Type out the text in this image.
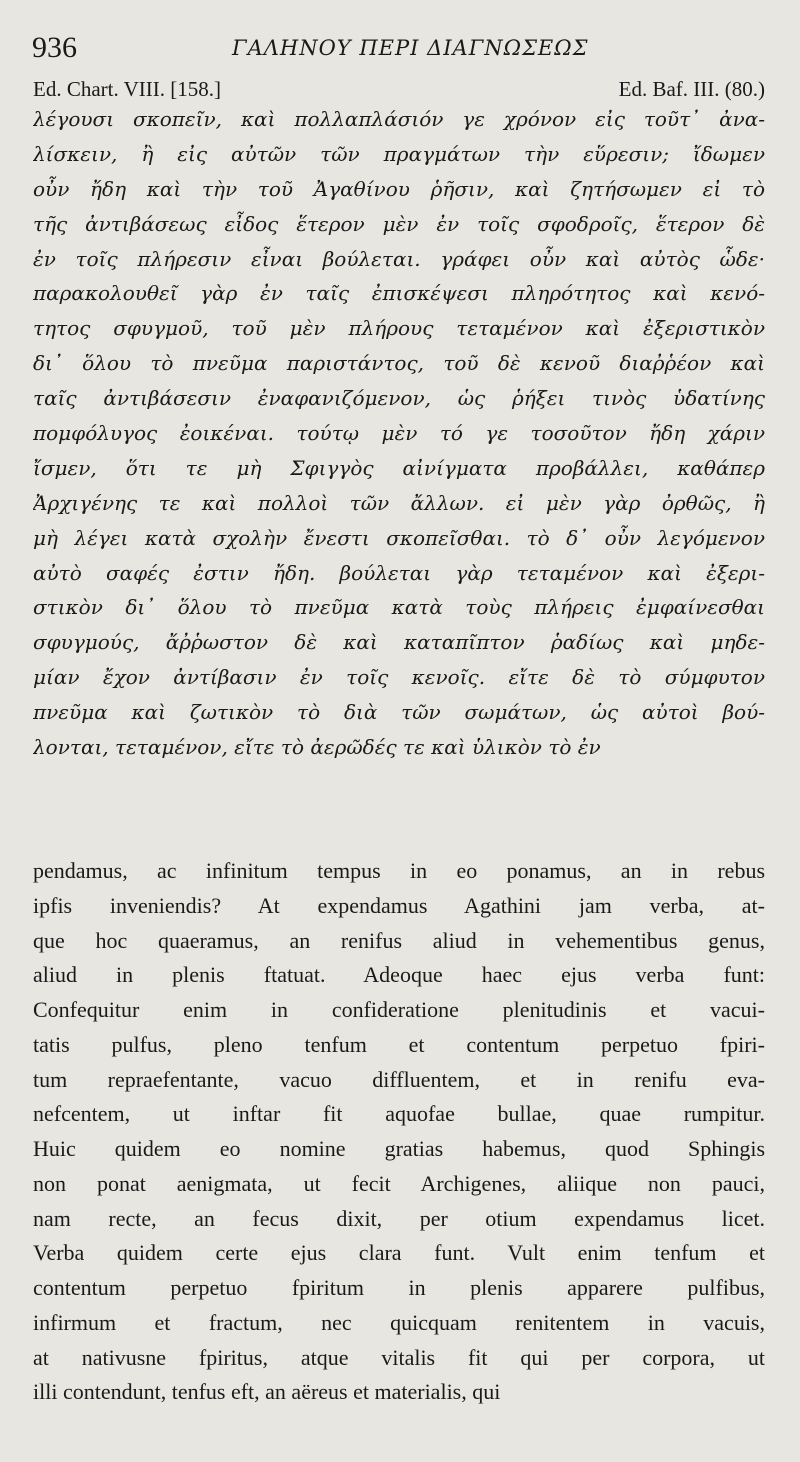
936	ΓΑΛΗΝΟΥ ΠΕΡΙ ΔΙΑΓΝΩΣΕΩΣ
Ed. Chart. VIII. [158.]	Ed. Baf. III. (80.)
λέγουσι σκοπεῖν, καὶ πολλαπλάσιόν γε χρόνον εἰς τοῦτ᾽ ἀνα-
λίσκειν, ἢ εἰς αὐτῶν τῶν πραγμάτων τὴν εὕρεσιν; ἴδωμεν
οὖν ἤδη καὶ τὴν τοῦ Ἀγαθίνου ῥῆσιν, καὶ ζητήσωμεν εἰ τὸ
τῆς ἀντιβάσεως εἶδος ἕτερον μὲν ἐν τοῖς σφοδροῖς, ἕτερον δὲ
ἐν τοῖς πλήρεσιν εἶναι βούλεται. γράφει οὖν καὶ αὐτὸς ὧδε·
παρακολουθεῖ γὰρ ἐν ταῖς ἐπισκέψεσι πληρότητος καὶ κενό-
τητος σφυγμοῦ, τοῦ μὲν πλήρους τεταμένον καὶ ἐξεριστικὸν
δι᾽ ὅλου τὸ πνεῦμα παριστάντος, τοῦ δὲ κενοῦ διαῤῥέον καὶ
ταῖς ἀντιβάσεσιν ἐναφανιζόμενον, ὡς ῥήξει τινὸς ὑδατίνης
πομφόλυγος ἐοικέναι. τούτῳ μὲν τό γε τοσοῦτον ἤδη χάριν
ἴσμεν, ὅτι τε μὴ Σφιγγὸς αἰνίγματα προβάλλει, καθάπερ
Ἀρχιγένης τε καὶ πολλοὶ τῶν ἄλλων. εἰ μὲν γὰρ ὀρθῶς, ἢ
μὴ λέγει κατὰ σχολὴν ἔνεστι σκοπεῖσθαι. τὸ δ᾽ οὖν λεγόμενον
αὐτὸ σαφές ἐστιν ἤδη. βούλεται γὰρ τεταμένον καὶ ἐξερι-
στικὸν δι᾽ ὅλου τὸ πνεῦμα κατὰ τοὺς πλήρεις ἐμφαίνεσθαι
σφυγμούς, ἄῤῥωστον δὲ καὶ καταπῖπτον ῥαδίως καὶ μηδε-
μίαν ἔχον ἀντίβασιν ἐν τοῖς κενοῖς. εἴτε δὲ τὸ σύμφυτον
πνεῦμα καὶ ζωτικὸν τὸ διὰ τῶν σωμάτων, ὡς αὐτοὶ βού-
λονται, τεταμένον, εἴτε τὸ ἀερῶδές τε καὶ ὑλικὸν τὸ ἐν
pendamus, ac infinitum tempus in eo ponamus, an in rebus
ipfis inveniendis? At expendamus Agathini jam verba, at-
que hoc quaeramus, an renifus aliud in vehementibus genus,
aliud in plenis ftatuat. Adeoque haec ejus verba funt:
Confequitur enim in confideratione plenitudinis et vacui-
tatis pulfus, pleno tenfum et contentum perpetuo fpiri-
tum repraefentante, vacuo diffluentem, et in renifu eva-
nefcentem, ut inftar fit aquofae bullae, quae rumpitur.
Huic quidem eo nomine gratias habemus, quod Sphingis
non ponat aenigmata, ut fecit Archigenes, aliique non pauci,
nam recte, an fecus dixit, per otium expendamus licet.
Verba quidem certe ejus clara funt. Vult enim tenfum et
contentum perpetuo fpiritum in plenis apparere pulfibus,
infirmum et fractum, nec quicquam renitentem in vacuis,
at nativusne fpiritus, atque vitalis fit qui per corpora, ut
illi contendunt, tenfus eft, an aëreus et materialis, qui
